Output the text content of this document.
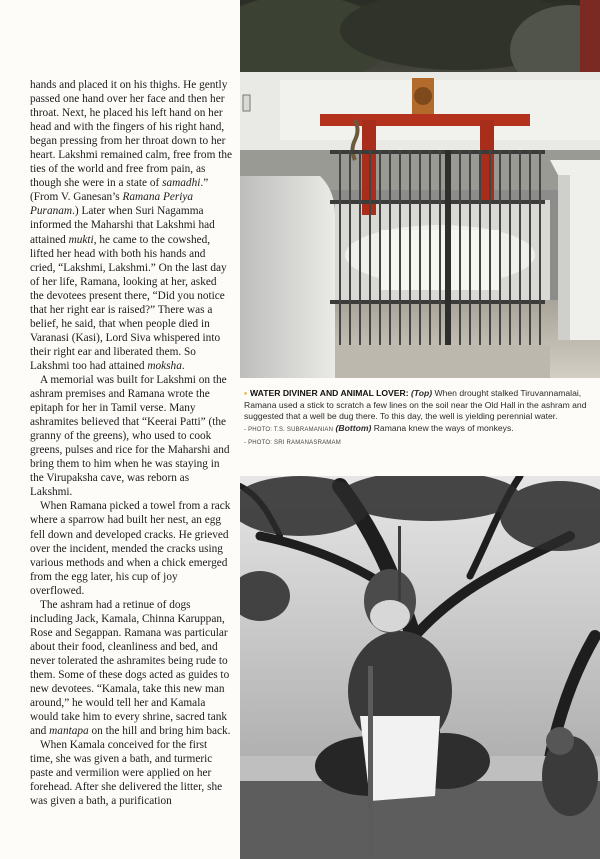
hands and placed it on his thighs. He gently passed one hand over her face and then her throat. Next, he placed his left hand on her head and with the fingers of his right hand, began pressing from her throat down to her heart. Lakshmi remained calm, free from the ties of the world and free from pain, as though she were in a state of samadhi.” (From V. Ganesan’s Ramana Periya Puranam.) Later when Suri Nagamma informed the Maharshi that Lakshmi had attained mukti, he came to the cowshed, lifted her head with both his hands and cried, “Lakshmi, Lakshmi.” On the last day of her life, Ramana, looking at her, asked the devotees present there, “Did you notice that her right ear is raised?” There was a belief, he said, that when people died in Varanasi (Kasi), Lord Siva whispered into their right ear and liberated them. So Lakshmi too had attained moksha.

A memorial was built for Lakshmi on the ashram premises and Ramana wrote the epitaph for her in Tamil verse. Many ashramites believed that “Keerai Patti” (the granny of the greens), who used to cook greens, pulses and rice for the Maharshi and bring them to him when he was staying in the Virupaksha cave, was reborn as Lakshmi.

When Ramana picked a towel from a rack where a sparrow had built her nest, an egg fell down and developed cracks. He grieved over the incident, mended the cracks using various methods and when a chick emerged from the egg later, his cup of joy overflowed.

The ashram had a retinue of dogs including Jack, Kamala, Chinna Karuppan, Rose and Segappan. Ramana was particular about their food, cleanliness and bed, and never tolerated the ashramites being rude to them. Some of these dogs acted as guides to new devotees. “Kamala, take this new man around,” he would tell her and Kamala would take him to every shrine, sacred tank and mantapa on the hill and bring him back.

When Kamala conceived for the first time, she was given a bath, and turmeric paste and vermilion were applied on her forehead. After she delivered the litter, she was given a bath, a purification

▪ WATER DIVINER AND ANIMAL LOVER: (Top) When drought stalked Tiruvannamalai, Ramana used a stick to scratch a few lines on the soil near the Old Hall in the ashram and suggested that a well be dug there. To this day, the well is yielding perennial water.
- PHOTO: T.S. SUBRAMANIAN (Bottom) Ramana knew the ways of monkeys.
- PHOTO: SRI RAMANASRAMAM
